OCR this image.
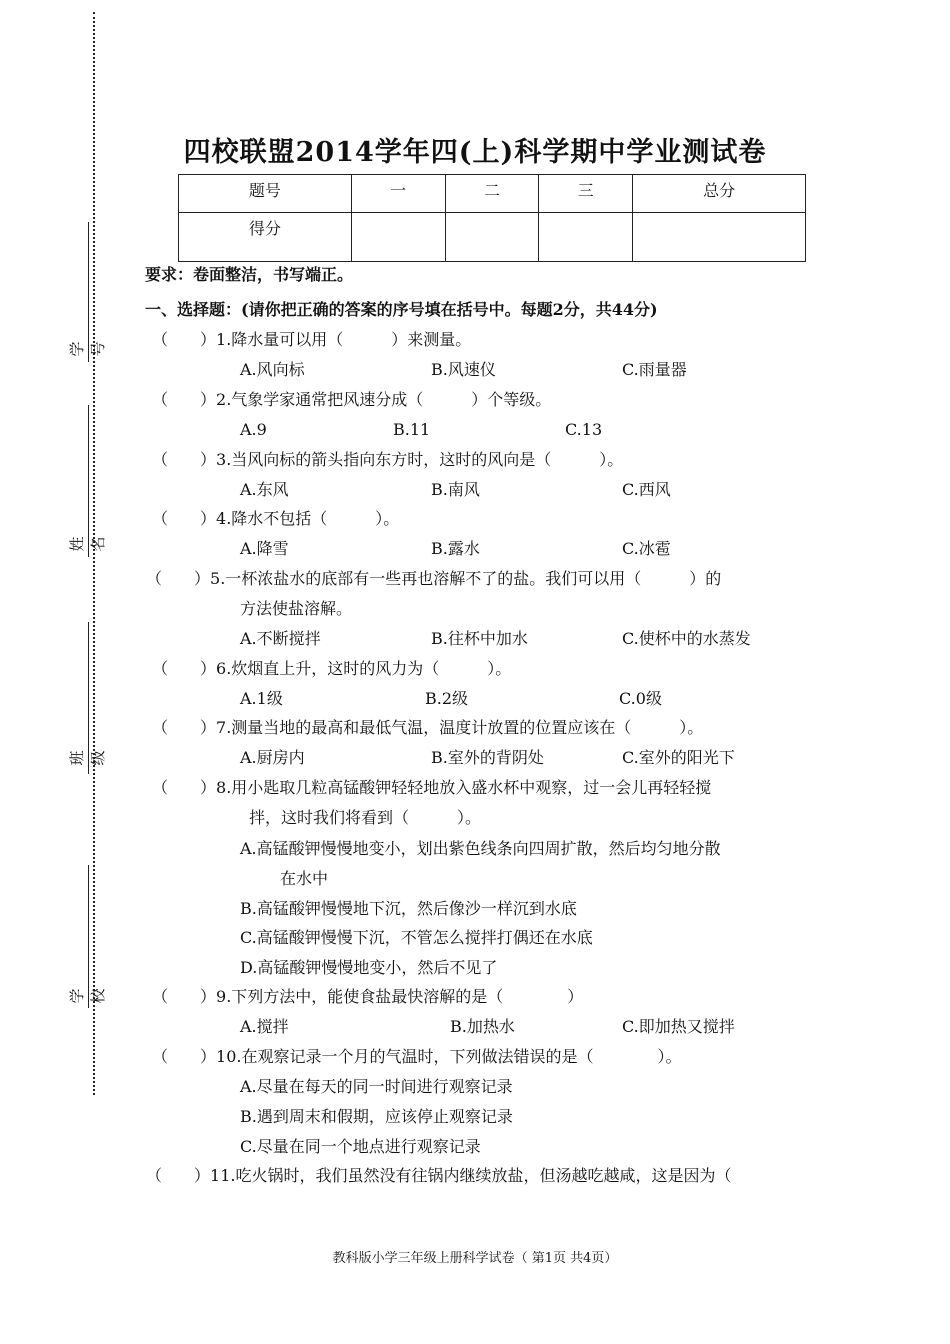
学号
姓名
班级
学校
四校联盟2014学年四(上)科学期中学业测试卷
题号	一	二	三	总分
得分				
要求：卷面整洁，书写端正。
一、选择题：(请你把正确的答案的序号填在括号中。每题2分，共44分)
（　　）1.降水量可以用（　　　）来测量。
A.风向标	B.风速仪	C.雨量器
（　　）2.气象学家通常把风速分成（　　　）个等级。
A.9	B.11	C.13
（　　）3.当风向标的箭头指向东方时，这时的风向是（　　　）。
A.东风	B.南风	C.西风
（　　）4.降水不包括（　　　）。
A.降雪	B.露水	C.冰雹
（　　）5.一杯浓盐水的底部有一些再也溶解不了的盐。我们可以用（　　　）的
方法使盐溶解。
A.不断搅拌	B.往杯中加水	C.使杯中的水蒸发
（　　）6.炊烟直上升，这时的风力为（　　　）。
A.1级	B.2级	C.0级
（　　）7.测量当地的最高和最低气温，温度计放置的位置应该在（　　　）。
A.厨房内	B.室外的背阴处	C.室外的阳光下
（　　）8.用小匙取几粒高锰酸钾轻轻地放入盛水杯中观察，过一会儿再轻轻搅
拌，这时我们将看到（　　　）。
A.高锰酸钾慢慢地变小，划出紫色线条向四周扩散，然后均匀地分散
在水中
B.高锰酸钾慢慢地下沉，然后像沙一样沉到水底
C.高锰酸钾慢慢下沉，不管怎么搅拌打偶还在水底
D.高锰酸钾慢慢地变小，然后不见了
（　　）9.下列方法中，能使食盐最快溶解的是（　　　　）
A.搅拌	B.加热水	C.即加热又搅拌
（　　）10.在观察记录一个月的气温时，下列做法错误的是（　　　　）。
A.尽量在每天的同一时间进行观察记录
B.遇到周末和假期，应该停止观察记录
C.尽量在同一个地点进行观察记录
（　　）11.吃火锅时，我们虽然没有往锅内继续放盐，但汤越吃越咸，这是因为（
教科版小学三年级上册科学试卷（ 第1页 共4页）
